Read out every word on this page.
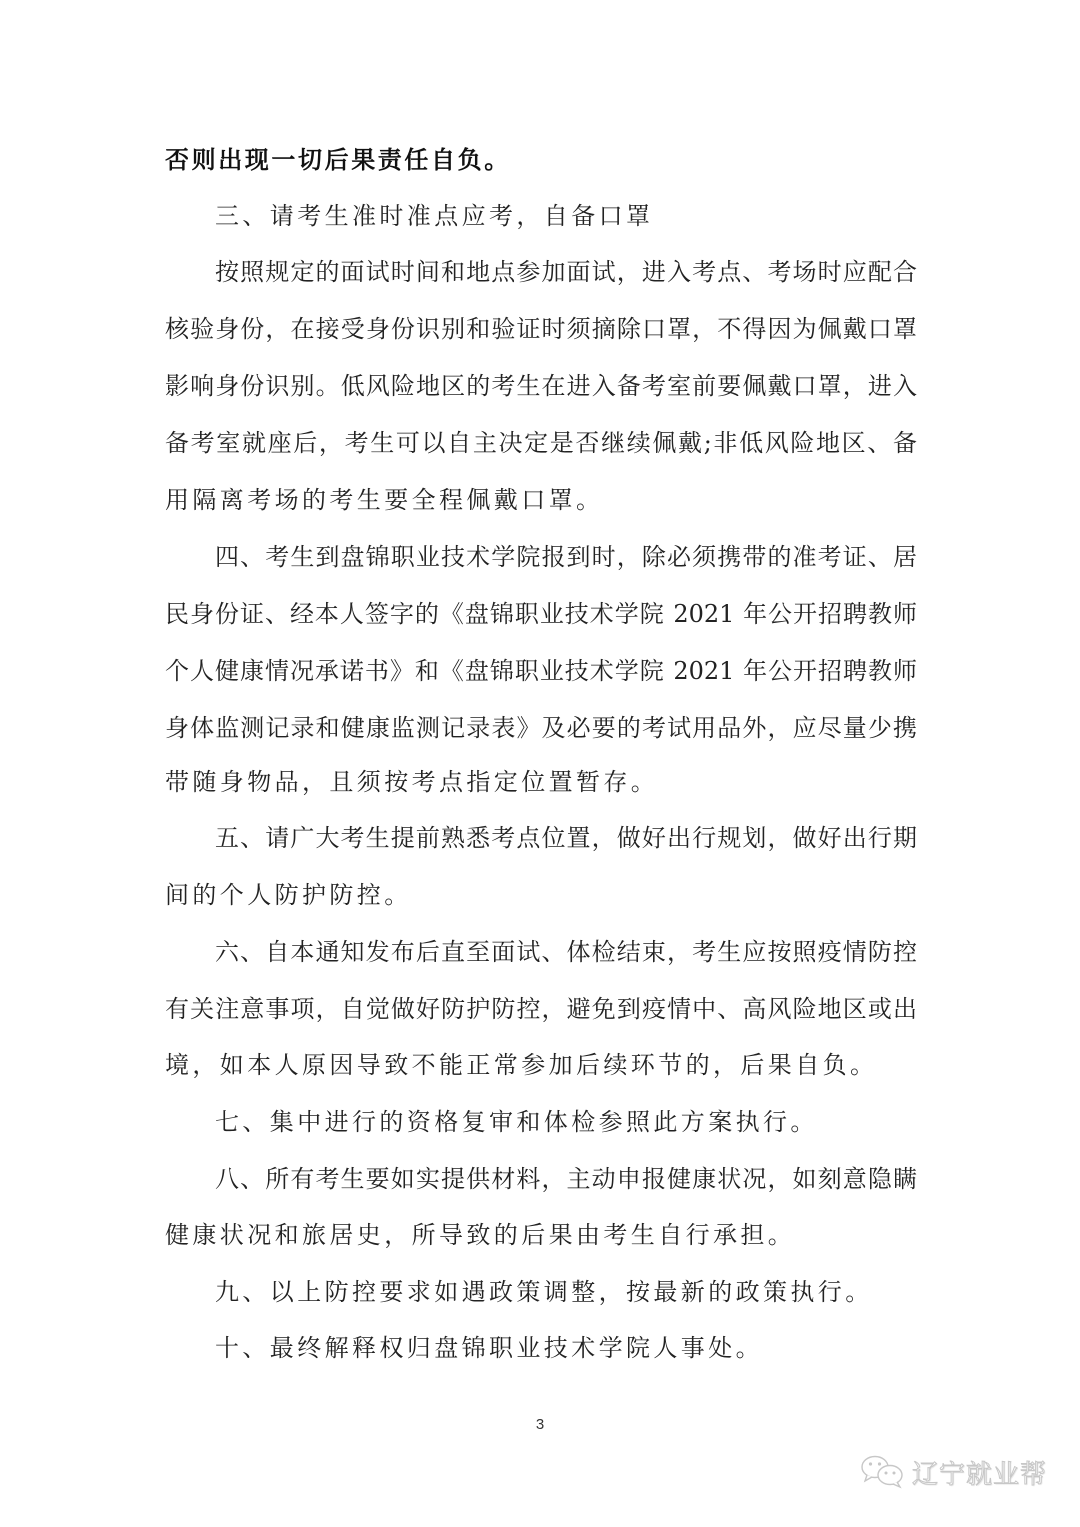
否则出现一切后果责任自负。
三、请考生准时准点应考，自备口罩
按照规定的面试时间和地点参加面试，进入考点、考场时应配合
核验身份，在接受身份识别和验证时须摘除口罩，不得因为佩戴口罩
影响身份识别。低风险地区的考生在进入备考室前要佩戴口罩，进入
备考室就座后，考生可以自主决定是否继续佩戴;非低风险地区、备
用隔离考场的考生要全程佩戴口罩。
四、考生到盘锦职业技术学院报到时，除必须携带的准考证、居
民身份证、经本人签字的《盘锦职业技术学院 2021 年公开招聘教师
个人健康情况承诺书》和《盘锦职业技术学院 2021 年公开招聘教师
身体监测记录和健康监测记录表》及必要的考试用品外，应尽量少携
带随身物品，且须按考点指定位置暂存。
五、请广大考生提前熟悉考点位置，做好出行规划，做好出行期
间的个人防护防控。
六、自本通知发布后直至面试、体检结束，考生应按照疫情防控
有关注意事项，自觉做好防护防控，避免到疫情中、高风险地区或出
境，如本人原因导致不能正常参加后续环节的，后果自负。
七、集中进行的资格复审和体检参照此方案执行。
八、所有考生要如实提供材料，主动申报健康状况，如刻意隐瞒
健康状况和旅居史，所导致的后果由考生自行承担。
九、以上防控要求如遇政策调整，按最新的政策执行。
十、最终解释权归盘锦职业技术学院人事处。
3
辽宁就业帮
